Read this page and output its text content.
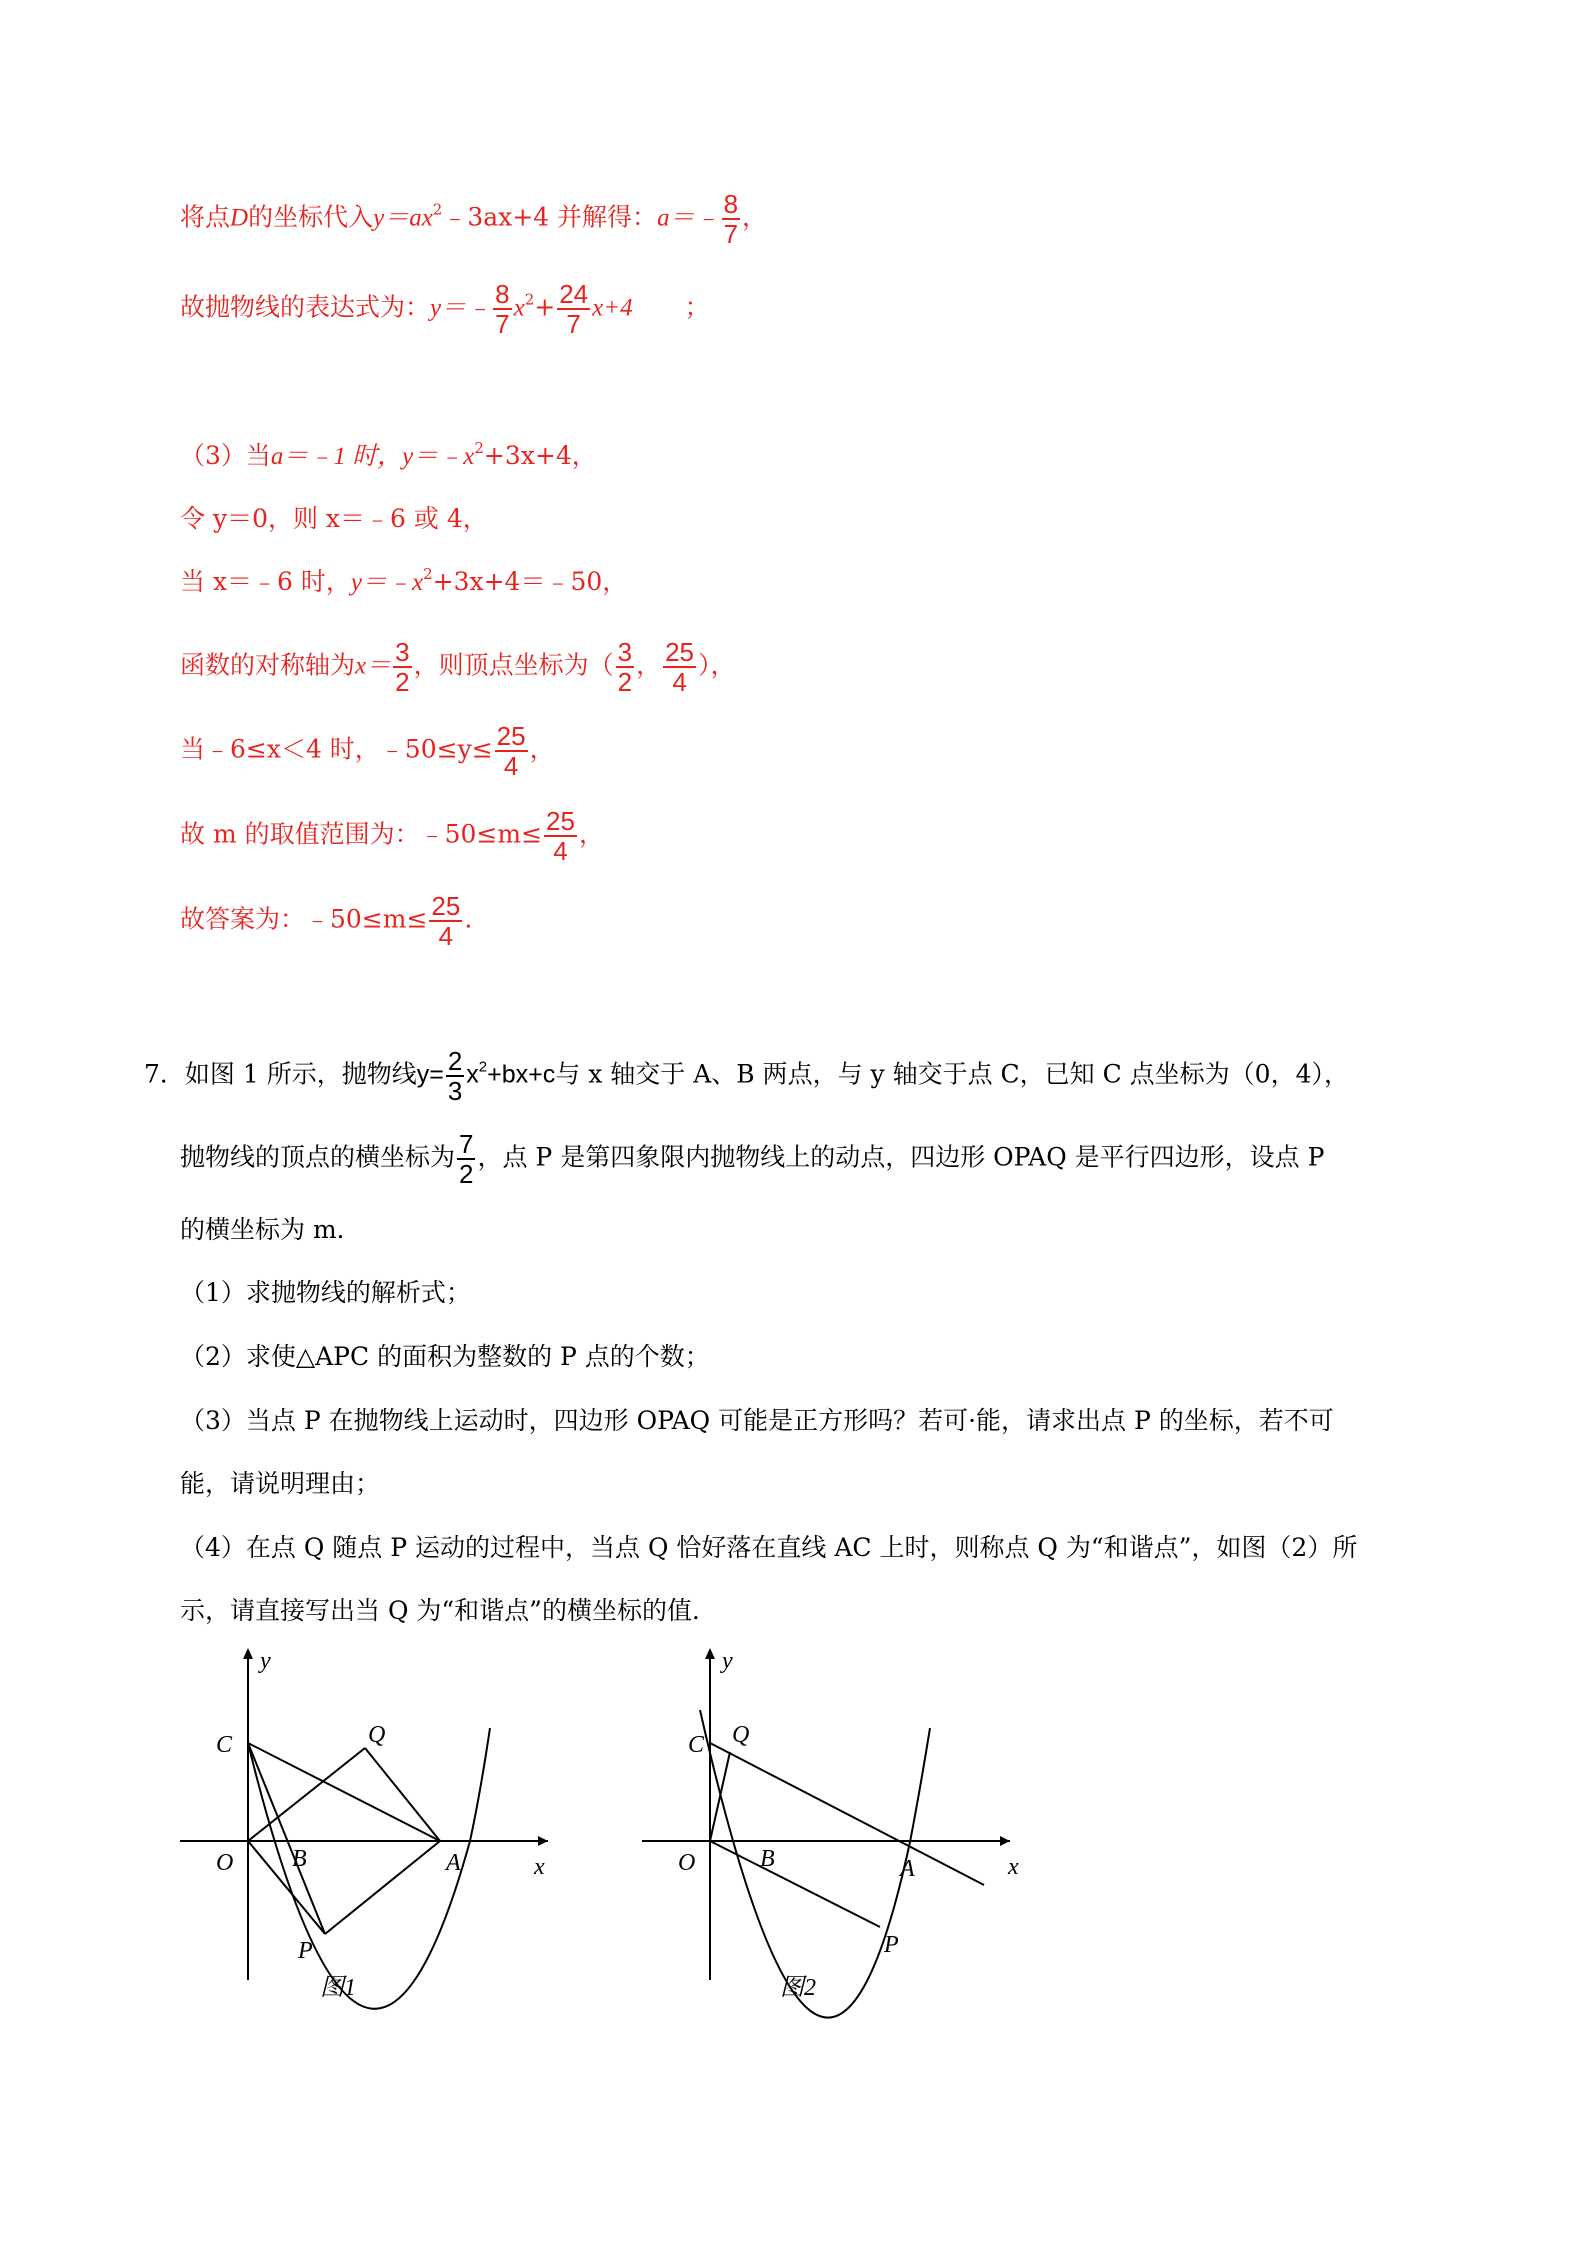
将点D的坐标代入$y=ax^2﹣3ax+4$ 并解得：a＝﹣ $\frac{8}{7}$ ，
故抛物线的表达式为：y＝﹣ $\frac{8}{7} x^2+ \frac{24}{7} x+4$ ；
（3）当a＝﹣1 时，$y=﹣x^2+3x+4$，
令 y＝0，则 x＝﹣6 或 4，
当 x＝﹣6 时，$y=﹣x^2+3x+4=﹣50$，
函数的对称轴为$x= \frac{3}{2}$ ，则顶点坐标为（ $\frac{3}{2}$ ， $\frac{25}{4}$ ），
当﹣6≤x＜4 时，﹣50≤y≤ $\frac{25}{4}$ ，
故 m 的取值范围为：﹣50≤m≤ $\frac{25}{4}$ ，
故答案为：﹣50≤m≤ $\frac{25}{4}$ .
7．如图 1 所示，抛物线$y= \frac{2}{3} x^2+bx+c$与 x 轴交于 A、B 两点，与 y 轴交于点 C，已知 C 点坐标为（0，4），
抛物线的顶点的横坐标为 $\frac{7}{2}$ ，点 P 是第四象限内抛物线上的动点，四边形 OPAQ 是平行四边形，设点 P
的横坐标为 m．
（1）求抛物线的解析式；
（2）求使△APC 的面积为整数的 P 点的个数；
（3）当点 P 在抛物线上运动时，四边形 OPAQ 可能是正方形吗？若可·能，请求出点 P 的坐标，若不可
能，请说明理由；
（4）在点 Q 随点 P 运动的过程中，当点 Q 恰好落在直线 AC 上时，则称点 Q 为“和谐点”，如图（2）所
示，请直接写出当 Q 为“和谐点”的横坐标的值．
y
x
O
C	Q
B	A
P
图1
y
x
O
C Q
B	A
P
图2
